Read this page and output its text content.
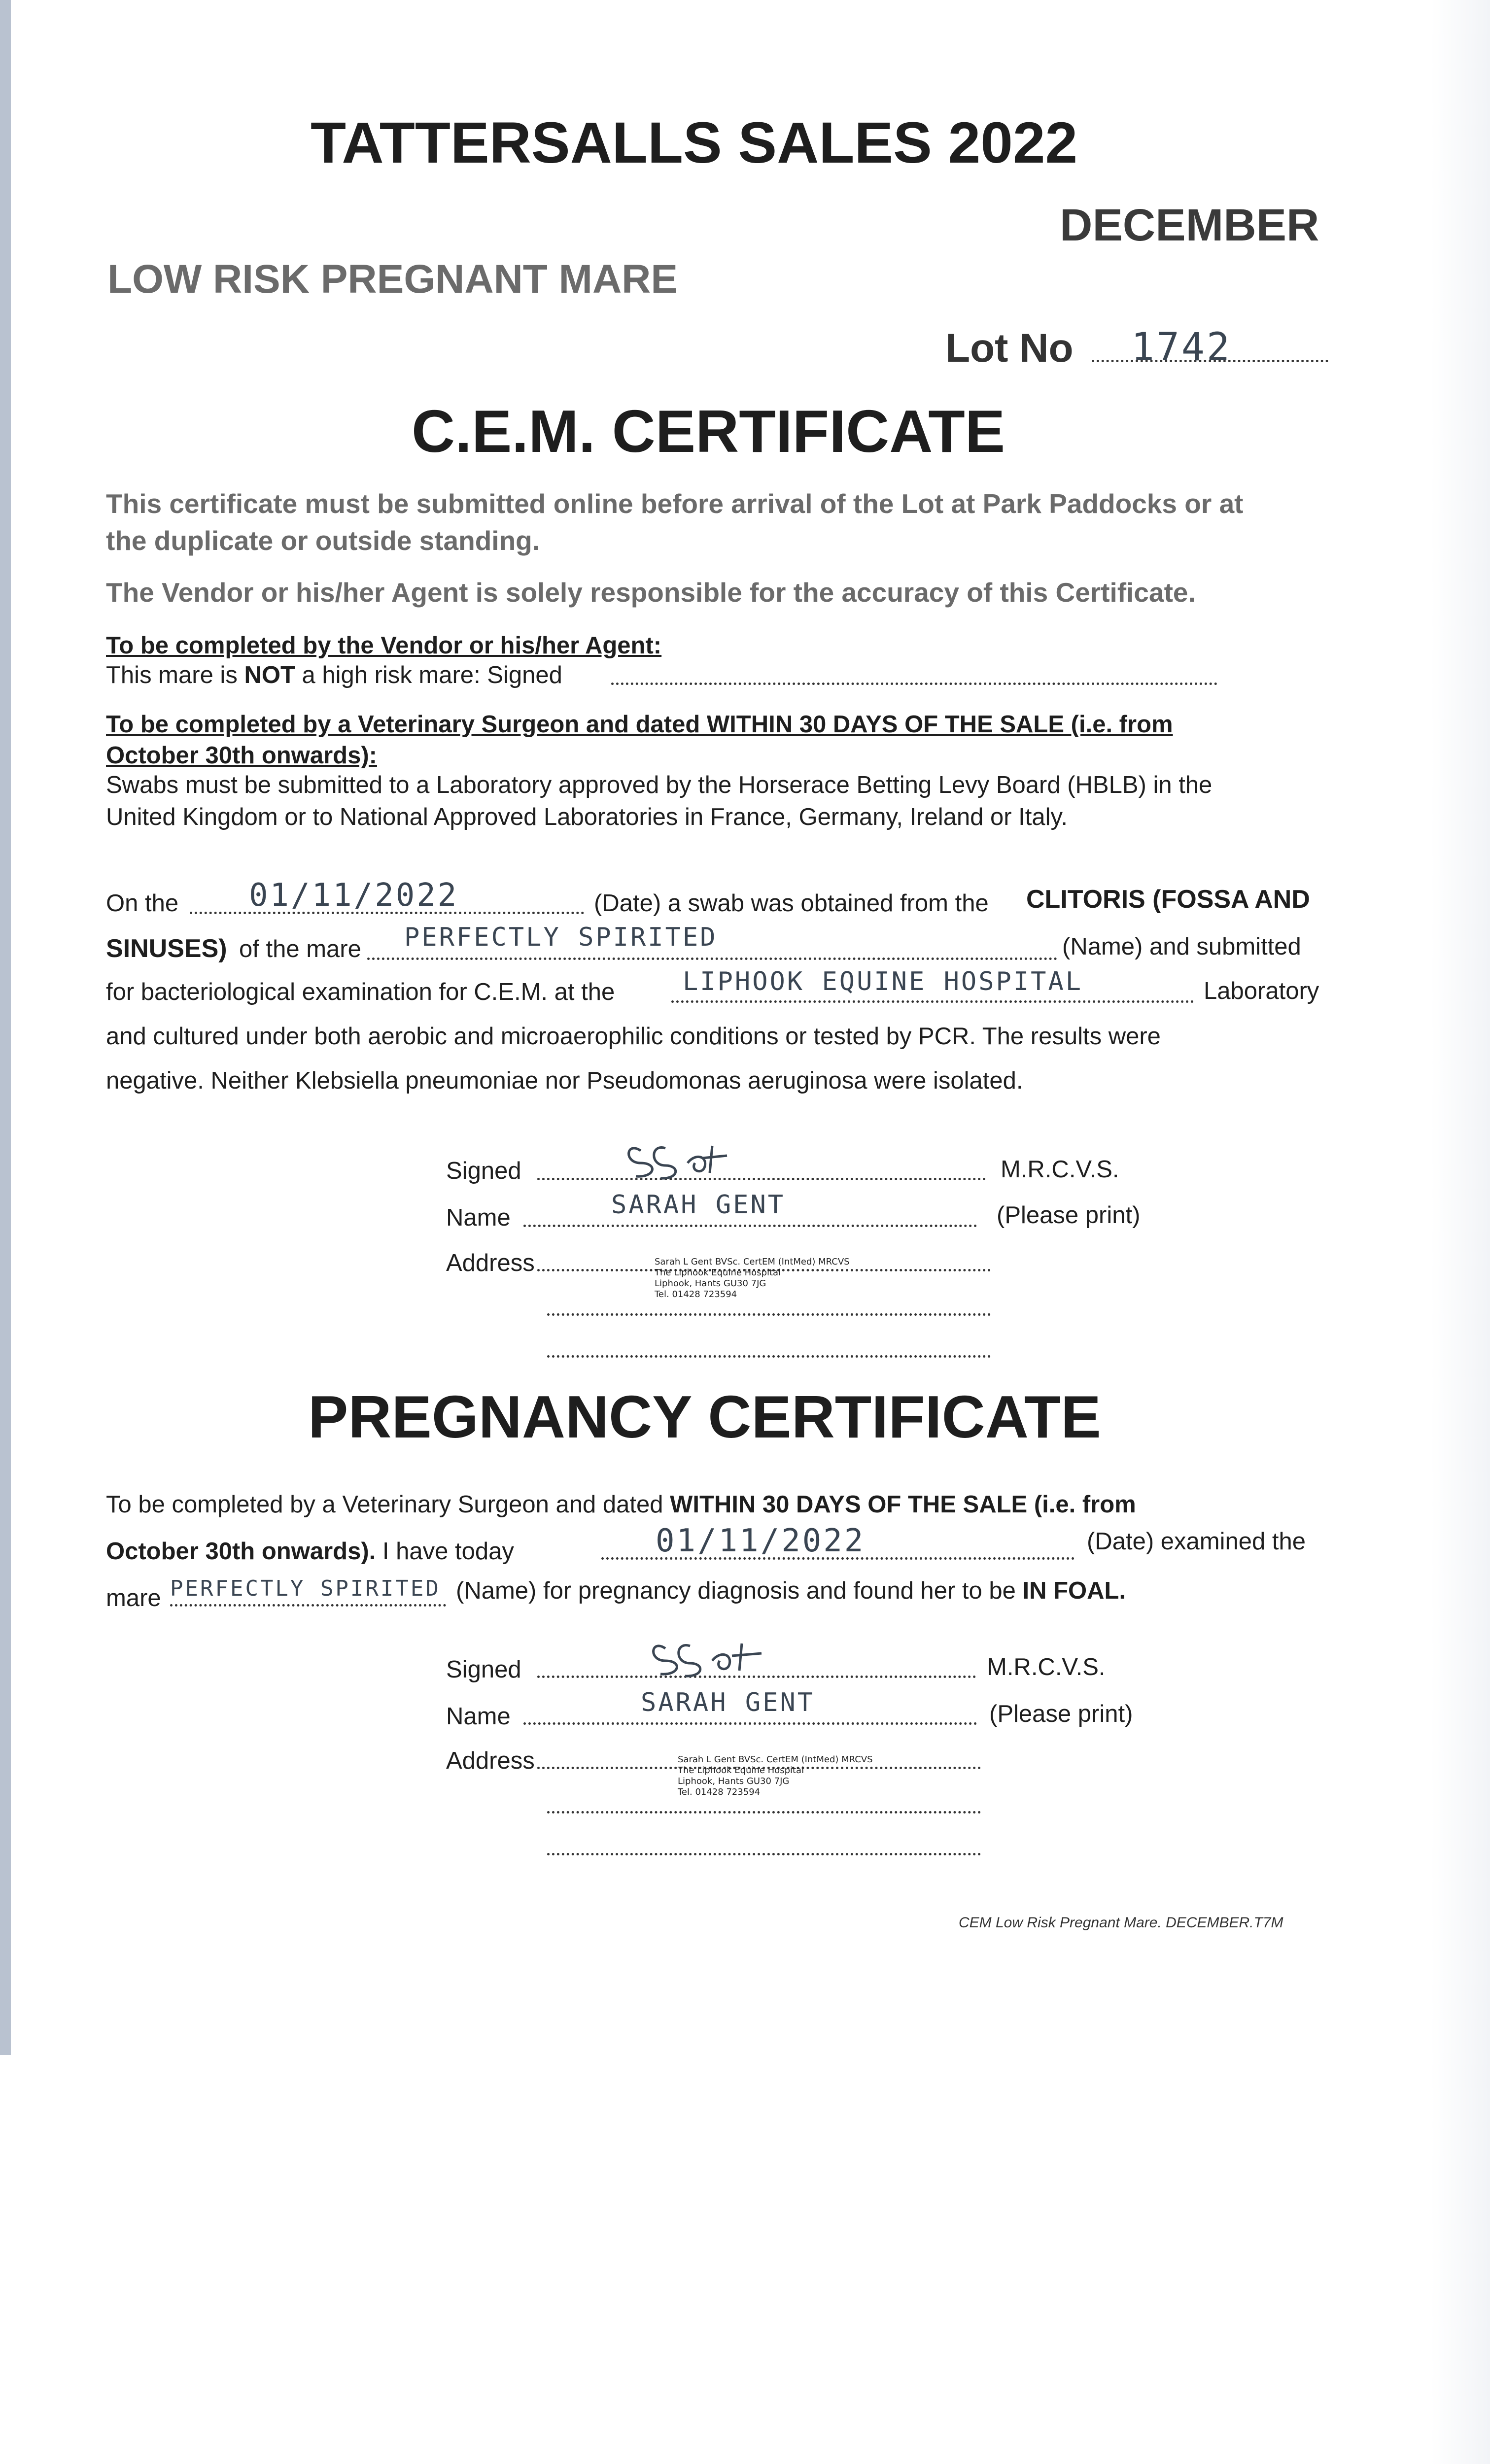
TATTERSALLS SALES 2022
DECEMBER
LOW RISK PREGNANT MARE
Lot No 1742
C.E.M. CERTIFICATE
This certificate must be submitted online before arrival of the Lot at Park Paddocks or at
the duplicate or outside standing.
The Vendor or his/her Agent is solely responsible for the accuracy of this Certificate.
To be completed by the Vendor or his/her Agent:
This mare is NOT a high risk mare: Signed
To be completed by a Veterinary Surgeon and dated WITHIN 30 DAYS OF THE SALE (i.e. from
October 30th onwards):
Swabs must be submitted to a Laboratory approved by the Horserace Betting Levy Board (HBLB) in the
United Kingdom or to National Approved Laboratories in France, Germany, Ireland or Italy.
On the 01/11/2022	(Date) a swab was obtained from the CLITORIS (FOSSA AND
SINUSES) of the mare PERFECTLY SPIRITED	(Name) and submitted
for bacteriological examination for C.E.M. at the	LIPHOOK EQUINE HOSPITAL	Laboratory
and cultured under both aerobic and microaerophilic conditions or tested by PCR. The results were
negative. Neither Klebsiella pneumoniae nor Pseudomonas aeruginosa were isolated.
Signed	M.R.C.V.S.
Name	SARAH GENT	(Please print)
Address	Sarah L Gent BVSc. CertEM (IntMed) MRCVS
The Liphook Equine Hospital
Liphook, Hants GU30 7JG
Tel. 01428 723594
PREGNANCY CERTIFICATE
To be completed by a Veterinary Surgeon and dated WITHIN 30 DAYS OF THE SALE (i.e. from
October 30th onwards). I have today	01/11/2022	(Date) examined the
mare PERFECTLY SPIRITED (Name) for pregnancy diagnosis and found her to be IN FOAL.
Signed	M.R.C.V.S.
Name	SARAH GENT	(Please print)
Address	Sarah L Gent BVSc. CertEM (IntMed) MRCVS
The Liphook Equine Hospital
Liphook, Hants GU30 7JG
Tel. 01428 723594
CEM Low Risk Pregnant Mare. DECEMBER.T7M
